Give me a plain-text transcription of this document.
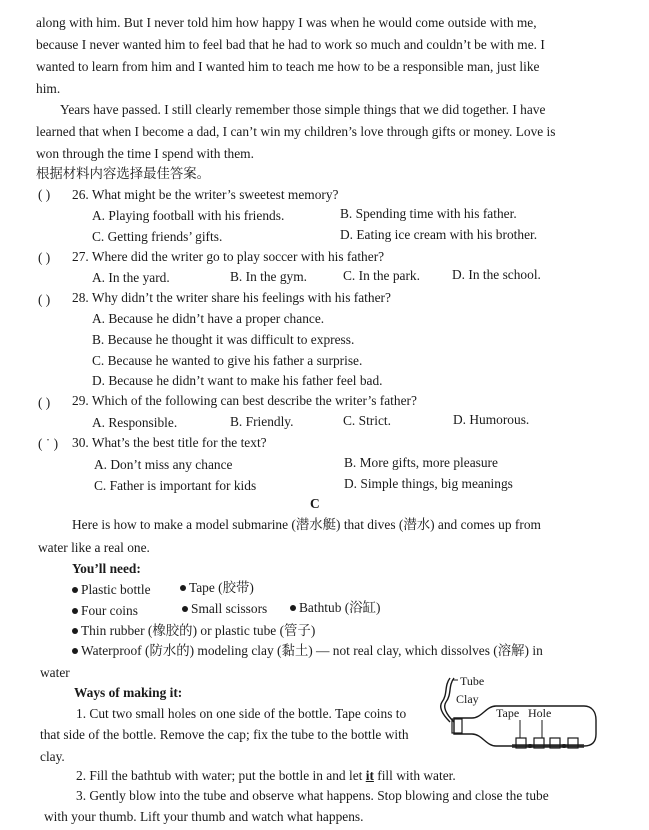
along with him. But I never told him how happy I was when he would come outside with me,
because I never wanted him to feel bad that he had to work so much and couldn’t be with me. I
wanted to learn from him and I wanted him to teach me how to be a responsible man, just like
him.
Years have passed. I still clearly remember those simple things that we did together. I have
learned that when I become a dad, I can’t win my children’s love through gifts or money. Love is
won through the time I spend with them.
根据材料内容选择最佳答案。
( ) 26. What might be the writer’s sweetest memory?
A. Playing football with his friends.	B. Spending time with his father.
C. Getting friends’ gifts.	D. Eating ice cream with his brother.
( ) 27. Where did the writer go to play soccer with his father?
A. In the yard.	B. In the gym.	C. In the park. D. In the school.
( ) 28. Why didn’t the writer share his feelings with his father?
A. Because he didn’t have a proper chance.
B. Because he thought it was difficult to express.
C. Because he wanted to give his father a surprise.
D. Because he didn’t want to make his father feel bad.
( ) 29. Which of the following can best describe the writer’s father?
A. Responsible.	B. Friendly.	C. Strict.	D. Humorous.
( ˙ ) 30. What’s the best title for the text?
A. Don’t miss any chance	B. More gifts, more pleasure
C. Father is important for kids	D. Simple things, big meanings
C
Here is how to make a model submarine (潜水艇) that dives (潜水) and comes up from
water like a real one.
You’ll need:
Plastic bottle	Tape (胶带)
Four coins	Small scissors	Bathtub (浴缸)
Thin rubber (橡胶的) or plastic tube (管子)
Waterproof (防水的) modeling clay (黏土) — not real clay, which dissolves (溶解) in
water
Ways of making it:
1. Cut two small holes on one side of the bottle. Tape coins to
that side of the bottle. Remove the cap; fix the tube to the bottle with
clay.
2. Fill the bathtub with water; put the bottle in and let it fill with water.
3. Gently blow into the tube and observe what happens. Stop blowing and close the tube
with your thumb. Lift your thumb and watch what happens.
Tube
Clay
Tape Hole
